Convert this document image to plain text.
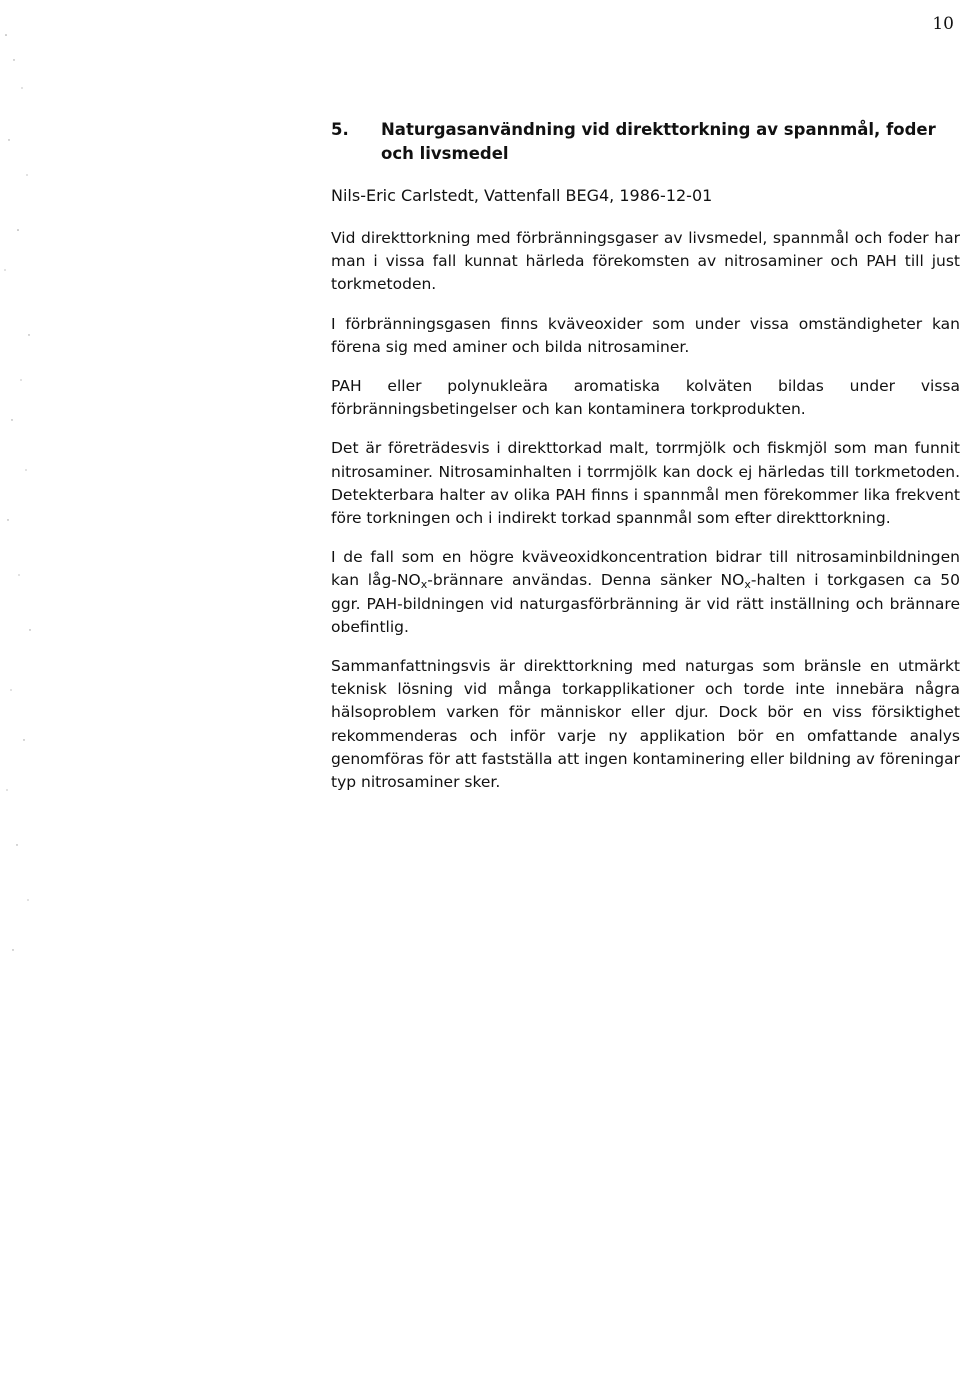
10
5. Naturgasanvändning vid direkttorkning av spannmål, foder och livsmedel
Nils-Eric Carlstedt, Vattenfall BEG4, 1986-12-01

Vid direkttorkning med förbränningsgaser av livsmedel, spannmål och foder har man i vissa fall kunnat härleda förekomsten av nitrosaminer och PAH till just torkmetoden.

I förbränningsgasen finns kväveoxider som under vissa omständigheter kan förena sig med aminer och bilda nitrosaminer.

PAH eller polynukleära aromatiska kolväten bildas under vissa förbränningsbetingelser och kan kontaminera torkprodukten.

Det är företrädesvis i direkttorkad malt, torrmjölk och fiskmjöl som man funnit nitrosaminer. Nitrosaminhalten i torrmjölk kan dock ej härledas till torkmetoden. Detekterbara halter av olika PAH finns i spannmål men förekommer lika frekvent före torkningen och i indirekt torkad spannmål som efter direkttorkning.

I de fall som en högre kväveoxidkoncentration bidrar till nitrosaminbildningen kan låg-$NO_x$-brännare användas. Denna sänker $NO_x$-halten i torkgasen ca 50 ggr. PAH-bildningen vid naturgasförbränning är vid rätt inställning och brännare obefintlig.

Sammanfattningsvis är direkttorkning med naturgas som bränsle en utmärkt teknisk lösning vid många torkapplikationer och torde inte innebära några hälsoproblem varken för människor eller djur. Dock bör en viss försiktighet rekommenderas och inför varje ny applikation bör en omfattande analys genomföras för att fastställa att ingen kontaminering eller bildning av föreningar typ nitrosaminer sker.
